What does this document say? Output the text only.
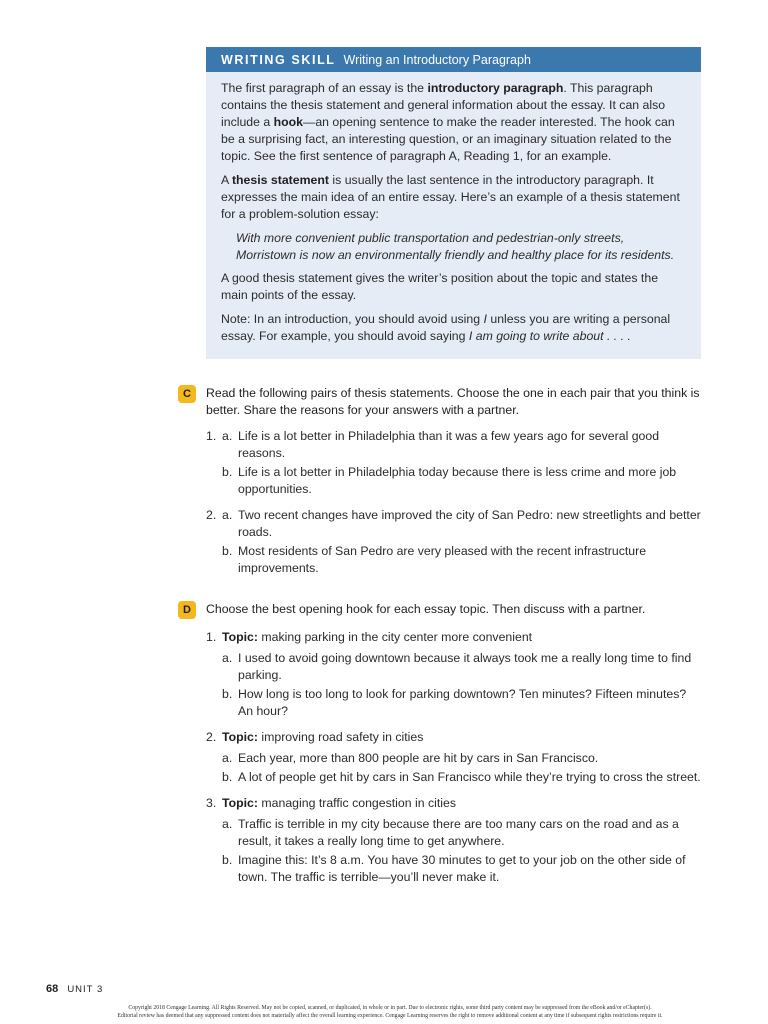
WRITING SKILL Writing an Introductory Paragraph

The first paragraph of an essay is the introductory paragraph. This paragraph contains the thesis statement and general information about the essay. It can also include a hook—an opening sentence to make the reader interested. The hook can be a surprising fact, an interesting question, or an imaginary situation related to the topic. See the first sentence of paragraph A, Reading 1, for an example.

A thesis statement is usually the last sentence in the introductory paragraph. It expresses the main idea of an entire essay. Here’s an example of a thesis statement for a problem-solution essay:

With more convenient public transportation and pedestrian-only streets, Morristown is now an environmentally friendly and healthy place for its residents.

A good thesis statement gives the writer’s position about the topic and states the main points of the essay.

Note: In an introduction, you should avoid using I unless you are writing a personal essay. For example, you should avoid saying I am going to write about . . . .

C	Read the following pairs of thesis statements. Choose the one in each pair that you think is better. Share the reasons for your answers with a partner.
1. a. Life is a lot better in Philadelphia than it was a few years ago for several good reasons.
b. Life is a lot better in Philadelphia today because there is less crime and more job opportunities.
2. a. Two recent changes have improved the city of San Pedro: new streetlights and better roads.
b. Most residents of San Pedro are very pleased with the recent infrastructure improvements.
D	Choose the best opening hook for each essay topic. Then discuss with a partner.
1. Topic: making parking in the city center more convenient
a. I used to avoid going downtown because it always took me a really long time to find parking.
b. How long is too long to look for parking downtown? Ten minutes? Fifteen minutes? An hour?
2. Topic: improving road safety in cities
a. Each year, more than 800 people are hit by cars in San Francisco.
b. A lot of people get hit by cars in San Francisco while they’re trying to cross the street.
3. Topic: managing traffic congestion in cities
a. Traffic is terrible in my city because there are too many cars on the road and as a result, it takes a really long time to get anywhere.
b. Imagine this: It’s 8 a.m. You have 30 minutes to get to your job on the other side of town. The traffic is terrible—you’ll never make it.
68 UNIT 3
Copyright 2018 Cengage Learning. All Rights Reserved. May not be copied, scanned, or duplicated, in whole or in part. Due to electronic rights, some third party content may be suppressed from the eBook and/or eChapter(s).
Editorial review has deemed that any suppressed content does not materially affect the overall learning experience. Cengage Learning reserves the right to remove additional content at any time if subsequent rights restrictions require it.
